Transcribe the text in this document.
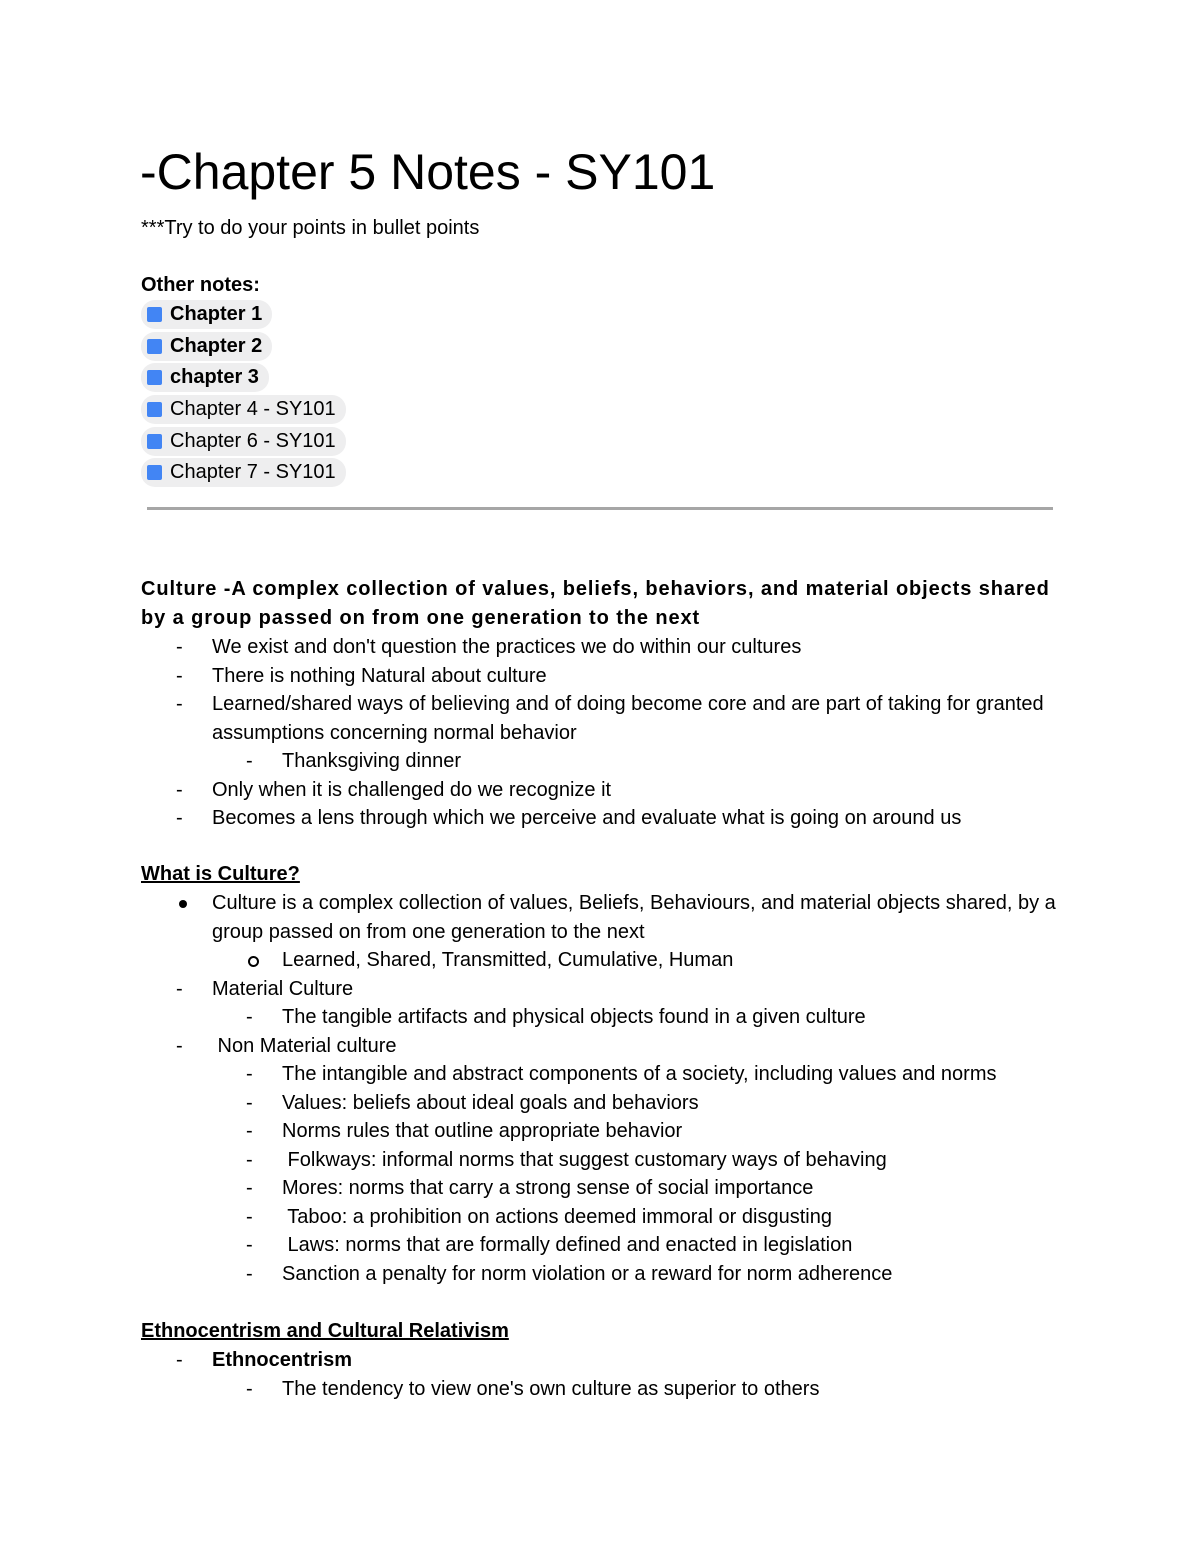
-Chapter 5 Notes - SY101
***Try to do your points in bullet points
Other notes:
Chapter 1
Chapter 2
chapter 3
Chapter 4 - SY101
Chapter 6 - SY101
Chapter 7 - SY101
Culture -A complex collection of values, beliefs, behaviors, and material objects shared by a group passed on from one generation to the next
-	We exist and don't question the practices we do within our cultures
-	There is nothing Natural about culture
-	Learned/shared ways of believing and of doing become core and are part of taking for granted assumptions concerning normal behavior
-	Thanksgiving dinner
-	Only when it is challenged do we recognize it
-	Becomes a lens through which we perceive and evaluate what is going on around us
What is Culture?
Culture is a complex collection of values, Beliefs, Behaviours, and material objects shared, by a group passed on from one generation to the next
Learned, Shared, Transmitted, Cumulative, Human
-	Material Culture
-	The tangible artifacts and physical objects found in a given culture
-	Non Material culture
-	The intangible and abstract components of a society, including values and norms
-	Values: beliefs about ideal goals and behaviors
-	Norms rules that outline appropriate behavior
-	Folkways: informal norms that suggest customary ways of behaving
-	Mores: norms that carry a strong sense of social importance
-	Taboo: a prohibition on actions deemed immoral or disgusting
-	Laws: norms that are formally defined and enacted in legislation
-	Sanction a penalty for norm violation or a reward for norm adherence
Ethnocentrism and Cultural Relativism
-	Ethnocentrism
-	The tendency to view one's own culture as superior to others
